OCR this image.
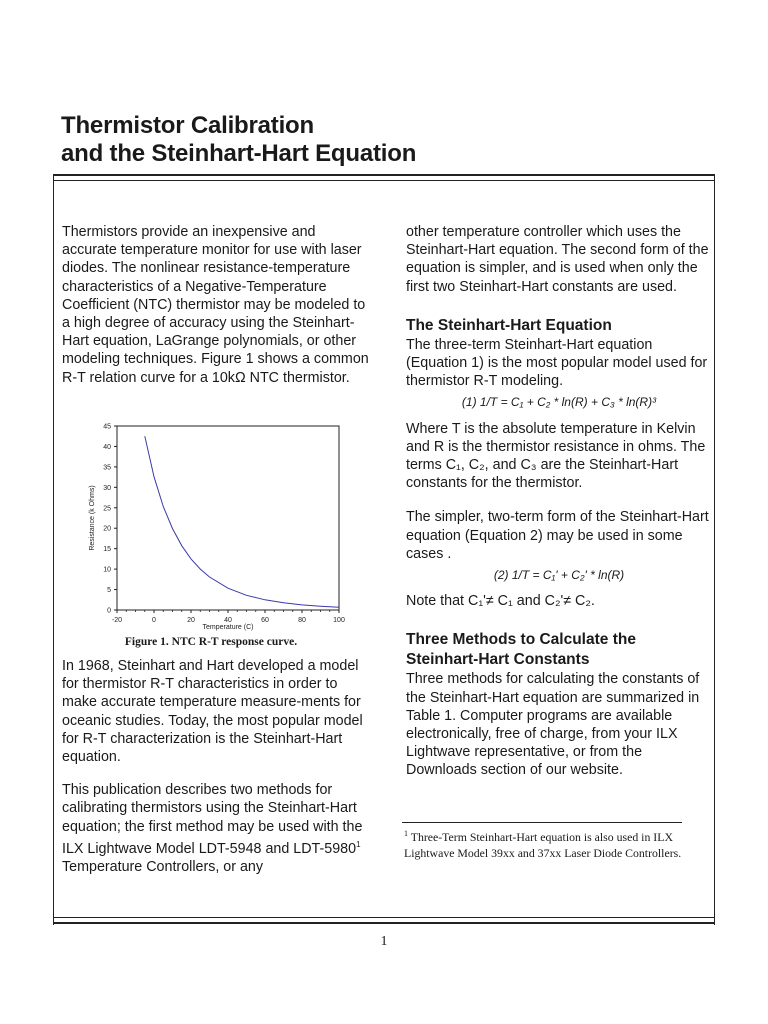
Thermistor Calibration
and the Steinhart-Hart Equation

Thermistors provide an inexpensive and accurate temperature monitor for use with laser diodes. The nonlinear resistance-temperature characteristics of a Negative-Temperature Coefficient (NTC) thermistor may be modeled to a high degree of accuracy using the Steinhart-Hart equation, LaGrange polynomials, or other modeling techniques. Figure 1 shows a common R-T relation curve for a 10kΩ NTC thermistor.

0
5
10
15
20
25
30
35
40
45
-20	0	20	40	60	80	100
Temperature (C)
Resistance (k Ohms)
Figure 1. NTC R-T response curve.

In 1968, Steinhart and Hart developed a model for thermistor R-T characteristics in order to make accurate temperature measure-ments for oceanic studies. Today, the most popular model for R-T characterization is the Steinhart-Hart equation.

This publication describes two methods for calibrating thermistors using the Steinhart-Hart equation; the first method may be used with the ILX Lightwave Model LDT-5948 and LDT-5980$^1$ Temperature Controllers, or any

other temperature controller which uses the Steinhart-Hart equation. The second form of the equation is simpler, and is used when only the first two Steinhart-Hart constants are used.

The Steinhart-Hart Equation

The three-term Steinhart-Hart equation (Equation 1) is the most popular model used for thermistor R-T modeling.

(1) 1/T = C₁ + C₂ * ln(R) + C₃ * ln(R)³

Where T is the absolute temperature in Kelvin and R is the thermistor resistance in ohms. The terms C₁, C₂, and C₃ are the Steinhart-Hart constants for the thermistor.

The simpler, two-term form of the Steinhart-Hart equation (Equation 2) may be used in some cases .

(2) 1/T = C₁' + C₂' * ln(R)

Note that C₁'≠ C₁ and C₂'≠ C₂.

Three Methods to Calculate the Steinhart-Hart Constants

Three methods for calculating the constants of the Steinhart-Hart equation are summarized in Table 1. Computer programs are available electronically, free of charge, from your ILX Lightwave representative, or from the Downloads section of our website.

$^1$ Three-Term Steinhart-Hart equation is also used in ILX Lightwave Model 39xx and 37xx Laser Diode Controllers.
1
